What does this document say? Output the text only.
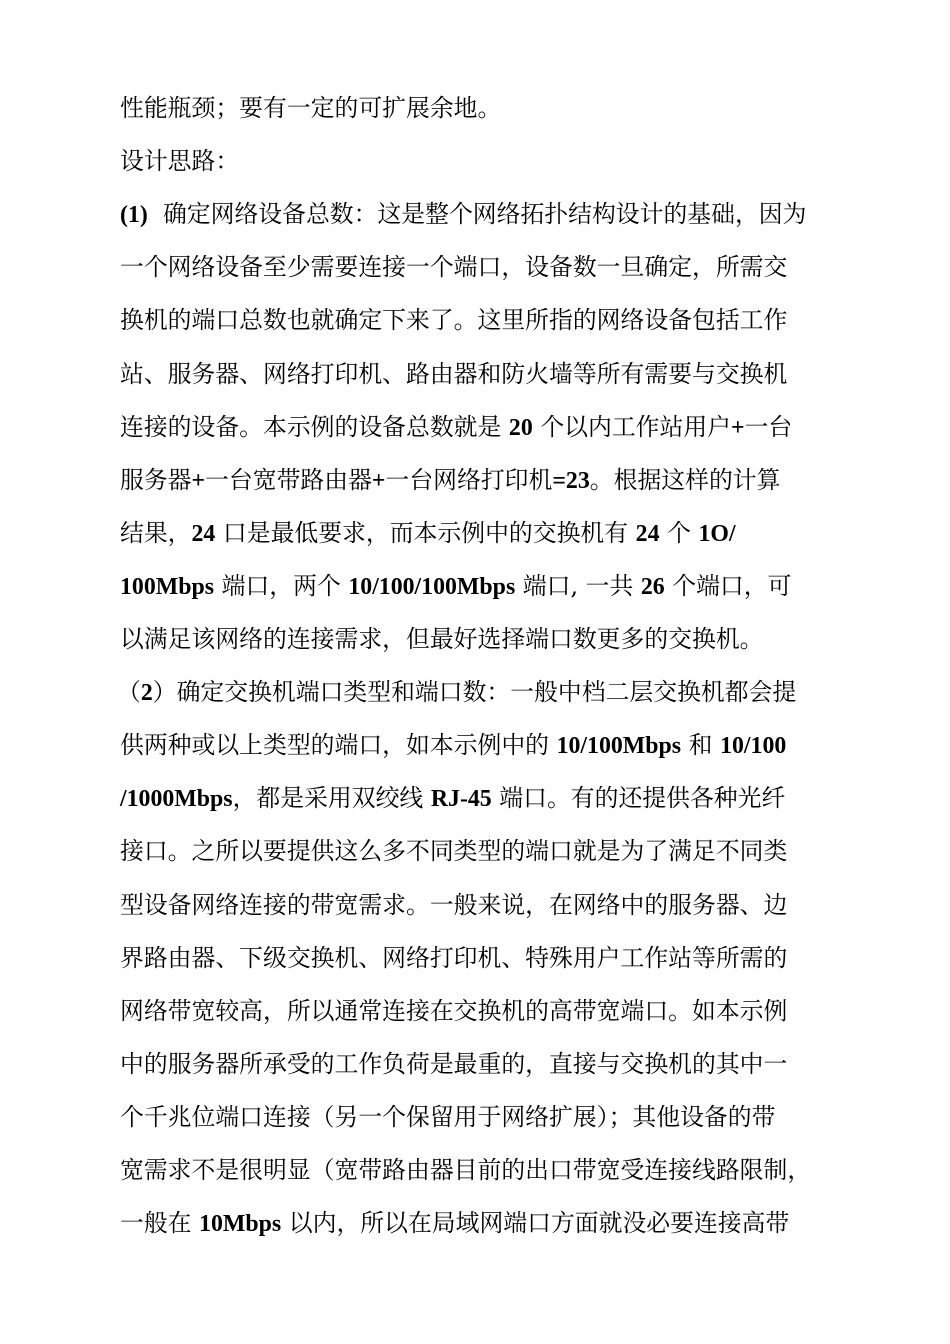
性能瓶颈；要有一定的可扩展余地。
设计思路：
(1)  确定网络设备总数：这是整个网络拓扑结构设计的基础，因为
一个网络设备至少需要连接一个端口，设备数一旦确定，所需交
换机的端口总数也就确定下来了。这里所指的网络设备包括工作
站、服务器、网络打印机、路由器和防火墙等所有需要与交换机
连接的设备。本示例的设备总数就是 20 个以内工作站用户+一台
服务器+一台宽带路由器+一台网络打印机=23。根据这样的计算
结果，24 口是最低要求，而本示例中的交换机有 24 个 1O/
100Mbps 端口，两个 10/100/100Mbps 端口, 一共 26 个端口，可
以满足该网络的连接需求，但最好选择端口数更多的交换机。
（2）确定交换机端口类型和端口数：一般中档二层交换机都会提
供两种或以上类型的端口，如本示例中的 10/100Mbps 和 10/100
/1000Mbps，都是采用双绞线 RJ-45 端口。有的还提供各种光纤
接口。之所以要提供这么多不同类型的端口就是为了满足不同类
型设备网络连接的带宽需求。一般来说，在网络中的服务器、边
界路由器、下级交换机、网络打印机、特殊用户工作站等所需的
网络带宽较高，所以通常连接在交换机的高带宽端口。如本示例
中的服务器所承受的工作负荷是最重的，直接与交换机的其中一
个千兆位端口连接（另一个保留用于网络扩展）；其他设备的带
宽需求不是很明显（宽带路由器目前的出口带宽受连接线路限制，
一般在 10Mbps 以内，所以在局域网端口方面就没必要连接高带
